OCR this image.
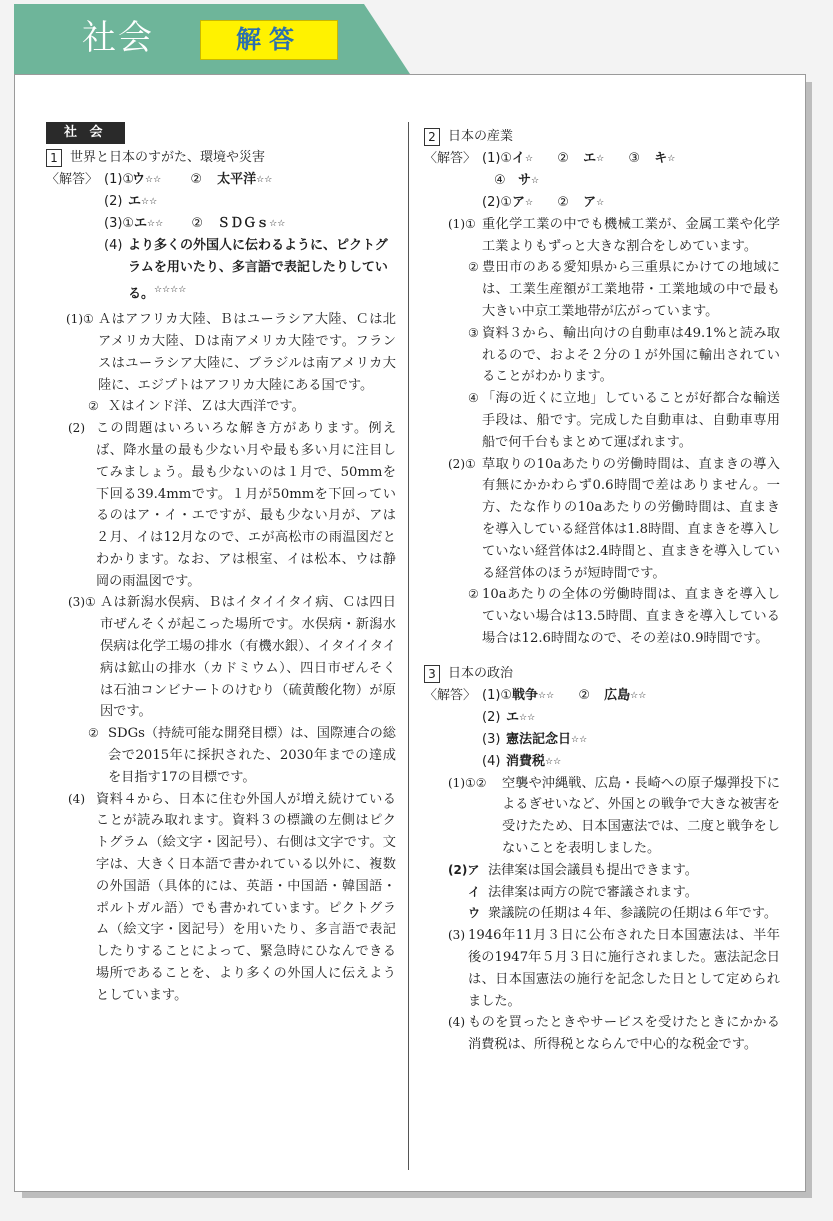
社会	解答
社 会
1 世界と日本のすがた、環境や災害
〈解答〉 (1)①
ウ ☆☆	②	太平洋 ☆☆
(2) エ ☆☆
(3)① エ ☆☆	②	ＳＤＧｓ ☆☆
(4) より多くの外国人に伝わるように、ピクトグラムを用いたり、多言語で表記したりしている。☆☆☆☆
(1)① Ａはアフリカ大陸、Ｂはユーラシア大陸、Ｃは北アメリカ大陸、Ｄは南アメリカ大陸です。フランスはユーラシア大陸に、ブラジルは南アメリカ大陸に、エジプトはアフリカ大陸にある国です。
② Ｘはインド洋、Ｚは大西洋です。
(2) この問題はいろいろな解き方があります。例えば、降水量の最も少ない月や最も多い月に注目してみましょう。最も少ないのは１月で、50mmを下回る39.4mmです。１月が50mmを下回っているのはア・イ・エですが、最も少ない月が、アは２月、イは12月なので、エが高松市の雨温図だとわかります。なお、アは根室、イは松本、ウは静岡の雨温図です。
(3)① Ａは新潟水俣病、Ｂはイタイイタイ病、Ｃは四日市ぜんそくが起こった場所です。水俣病・新潟水俣病は化学工場の排水（有機水銀）、イタイイタイ病は鉱山の排水（カドミウム）、四日市ぜんそくは石油コンビナートのけむり（硫黄酸化物）が原因です。
② SDGs（持続可能な開発目標）は、国際連合の総会で2015年に採択された、2030年までの達成を目指す17の目標です。
(4) 資料４から、日本に住む外国人が増え続けていることが読み取れます。資料３の標識の左側はピクトグラム（絵文字・図記号）、右側は文字です。文字は、大きく日本語で書かれている以外に、複数の外国語（具体的には、英語・中国語・韓国語・ポルトガル語）でも書かれています。ピクトグラム（絵文字・図記号）を用いたり、多言語で表記したりすることによって、緊急時にひなんできる場所であることを、より多くの外国人に伝えようとしています。
2 日本の産業
〈解答〉 (1)① イ ☆	②	エ ☆	③	キ ☆
④ サ ☆
(2)① ア ☆	②	ア ☆
(1)① 重化学工業の中でも機械工業が、金属工業や化学工業よりもずっと大きな割合をしめています。
② 豊田市のある愛知県から三重県にかけての地域には、工業生産額が工業地帯・工業地域の中で最も大きい中京工業地帯が広がっています。
③ 資料３から、輸出向けの自動車は49.1%と読み取れるので、およそ２分の１が外国に輸出されていることがわかります。
④ 「海の近くに立地」していることが好都合な輸送手段は、船です。完成した自動車は、自動車専用船で何千台もまとめて運ばれます。
(2)① 草取りの10aあたりの労働時間は、直まきの導入有無にかかわらず0.6時間で差はありません。一方、たな作りの10aあたりの労働時間は、直まきを導入している経営体は1.8時間、直まきを導入していない経営体は2.4時間と、直まきを導入している経営体のほうが短時間です。
② 10aあたりの全体の労働時間は、直まきを導入していない場合は13.5時間、直まきを導入している場合は12.6時間なので、その差は0.9時間です。
3 日本の政治
〈解答〉 (1)① 戦争 ☆☆	②	広島 ☆☆
(2) エ ☆☆
(3) 憲法記念日 ☆☆
(4) 消費税 ☆☆
(1)①②	空襲や沖縄戦、広島・長崎への原子爆弾投下によるぎせいなど、外国との戦争で大きな被害を受けたため、日本国憲法では、二度と戦争をしないことを表明しました。
(2)ア 法律案は国会議員も提出できます。
イ 法律案は両方の院で審議されます。
ウ 衆議院の任期は４年、参議院の任期は６年です。
(3) 1946年11月３日に公布された日本国憲法は、半年後の1947年５月３日に施行されました。憲法記念日は、日本国憲法の施行を記念した日として定められました。
(4) ものを買ったときやサービスを受けたときにかかる消費税は、所得税とならんで中心的な税金です。
